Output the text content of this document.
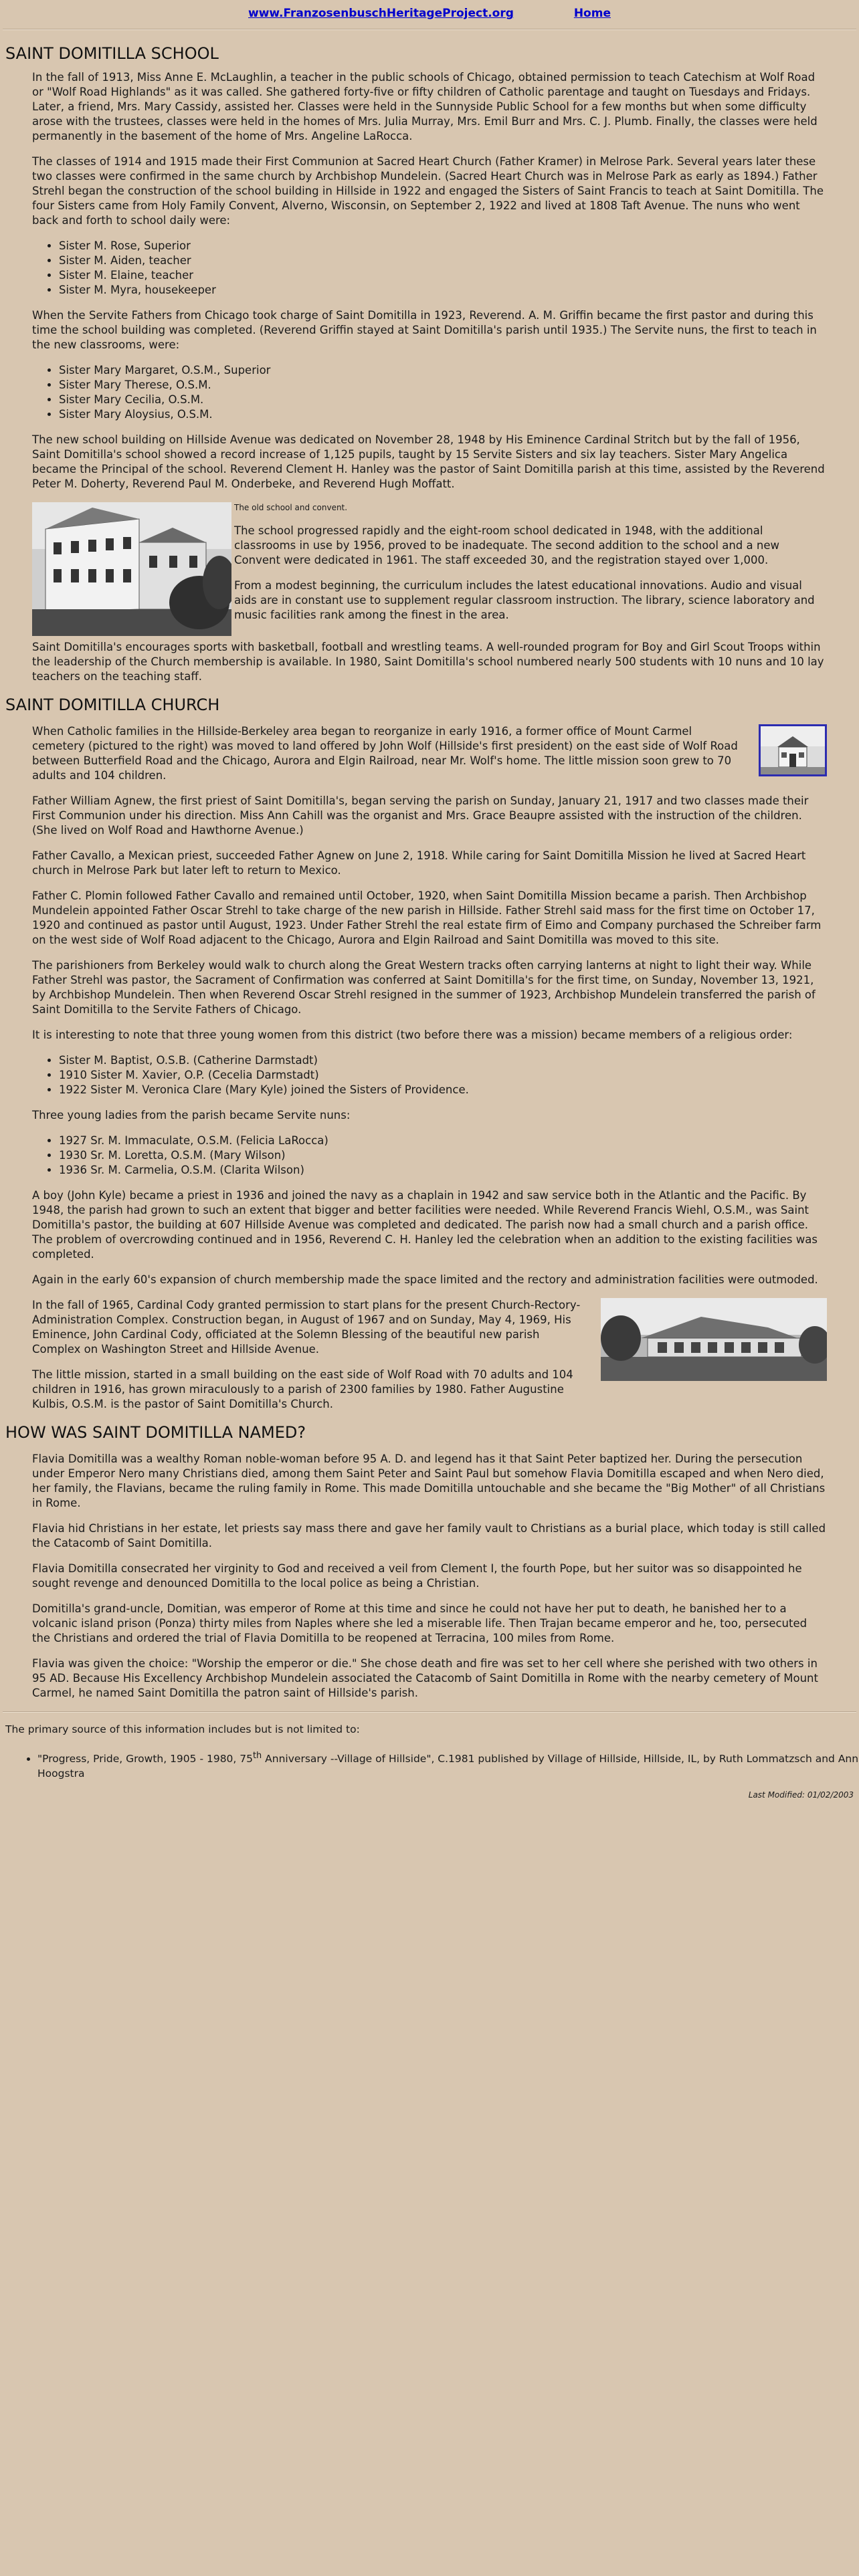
www.FranzosenbuschHeritageProject.org	Home
SAINT DOMITILLA SCHOOL

In the fall of 1913, Miss Anne E. McLaughlin, a teacher in the public schools of Chicago, obtained permission to teach Catechism at Wolf Road or "Wolf Road Highlands" as it was called. She gathered forty-five or fifty children of Catholic parentage and taught on Tuesdays and Fridays. Later, a friend, Mrs. Mary Cassidy, assisted her. Classes were held in the Sunnyside Public School for a few months but when some difficulty arose with the trustees, classes were held in the homes of Mrs. Julia Murray, Mrs. Emil Burr and Mrs. C. J. Plumb. Finally, the classes were held permanently in the basement of the home of Mrs. Angeline LaRocca.

The classes of 1914 and 1915 made their First Communion at Sacred Heart Church (Father Kramer) in Melrose Park. Several years later these two classes were confirmed in the same church by Archbishop Mundelein. (Sacred Heart Church was in Melrose Park as early as 1894.) Father Strehl began the construction of the school building in Hillside in 1922 and engaged the Sisters of Saint Francis to teach at Saint Domitilla. The four Sisters came from Holy Family Convent, Alverno, Wisconsin, on September 2, 1922 and lived at 1808 Taft Avenue. The nuns who went back and forth to school daily were:

• Sister M. Rose, Superior
• Sister M. Aiden, teacher
• Sister M. Elaine, teacher
• Sister M. Myra, housekeeper

When the Servite Fathers from Chicago took charge of Saint Domitilla in 1923, Reverend. A. M. Griffin became the first pastor and during this time the school building was completed. (Reverend Griffin stayed at Saint Domitilla's parish until 1935.) The Servite nuns, the first to teach in the new classrooms, were:

• Sister Mary Margaret, O.S.M., Superior
• Sister Mary Therese, O.S.M.
• Sister Mary Cecilia, O.S.M.
• Sister Mary Aloysius, O.S.M.

The new school building on Hillside Avenue was dedicated on November 28, 1948 by His Eminence Cardinal Stritch but by the fall of 1956, Saint Domitilla's school showed a record increase of 1,125 pupils, taught by 15 Servite Sisters and six lay teachers. Sister Mary Angelica became the Principal of the school. Reverend Clement H. Hanley was the pastor of Saint Domitilla parish at this time, assisted by the Reverend Peter M. Doherty, Reverend Paul M. Onderbeke, and Reverend Hugh Moffatt.

The old school and convent.

The school progressed rapidly and the eight-room school dedicated in 1948, with the additional classrooms in use by 1956, proved to be inadequate. The second addition to the school and a new Convent were dedicated in 1961. The staff exceeded 30, and the registration stayed over 1,000.

From a modest beginning, the curriculum includes the latest educational innovations. Audio and visual aids are in constant use to supplement regular classroom instruction. The library, science laboratory and music facilities rank among the finest in the area.

Saint Domitilla's encourages sports with basketball, football and wrestling teams. A well-rounded program for Boy and Girl Scout Troops within the leadership of the Church membership is available. In 1980, Saint Domitilla's school numbered nearly 500 students with 10 nuns and 10 lay teachers on the teaching staff.

SAINT DOMITILLA CHURCH

When Catholic families in the Hillside-Berkeley area began to reorganize in early 1916, a former office of Mount Carmel cemetery (pictured to the right) was moved to land offered by John Wolf (Hillside's first president) on the east side of Wolf Road between Butterfield Road and the Chicago, Aurora and Elgin Railroad, near Mr. Wolf's home. The little mission soon grew to 70 adults and 104 children.

Father William Agnew, the first priest of Saint Domitilla's, began serving the parish on Sunday, January 21, 1917 and two classes made their First Communion under his direction. Miss Ann Cahill was the organist and Mrs. Grace Beaupre assisted with the instruction of the children. (She lived on Wolf Road and Hawthorne Avenue.)

Father Cavallo, a Mexican priest, succeeded Father Agnew on June 2, 1918. While caring for Saint Domitilla Mission he lived at Sacred Heart church in Melrose Park but later left to return to Mexico.

Father C. Plomin followed Father Cavallo and remained until October, 1920, when Saint Domitilla Mission became a parish. Then Archbishop Mundelein appointed Father Oscar Strehl to take charge of the new parish in Hillside. Father Strehl said mass for the first time on October 17, 1920 and continued as pastor until August, 1923. Under Father Strehl the real estate firm of Eimo and Company purchased the Schreiber farm on the west side of Wolf Road adjacent to the Chicago, Aurora and Elgin Railroad and Saint Domitilla was moved to this site.

The parishioners from Berkeley would walk to church along the Great Western tracks often carrying lanterns at night to light their way. While Father Strehl was pastor, the Sacrament of Confirmation was conferred at Saint Domitilla's for the first time, on Sunday, November 13, 1921, by Archbishop Mundelein. Then when Reverend Oscar Strehl resigned in the summer of 1923, Archbishop Mundelein transferred the parish of Saint Domitilla to the Servite Fathers of Chicago.

It is interesting to note that three young women from this district (two before there was a mission) became members of a religious order:

• Sister M. Baptist, O.S.B. (Catherine Darmstadt)
• 1910 Sister M. Xavier, O.P. (Cecelia Darmstadt)
• 1922 Sister M. Veronica Clare (Mary Kyle) joined the Sisters of Providence.

Three young ladies from the parish became Servite nuns:

• 1927 Sr. M. Immaculate, O.S.M. (Felicia LaRocca)
• 1930 Sr. M. Loretta, O.S.M. (Mary Wilson)
• 1936 Sr. M. Carmelia, O.S.M. (Clarita Wilson)

A boy (John Kyle) became a priest in 1936 and joined the navy as a chaplain in 1942 and saw service both in the Atlantic and the Pacific. By 1948, the parish had grown to such an extent that bigger and better facilities were needed. While Reverend Francis Wiehl, O.S.M., was Saint Domitilla's pastor, the building at 607 Hillside Avenue was completed and dedicated. The parish now had a small church and a parish office. The problem of overcrowding continued and in 1956, Reverend C. H. Hanley led the celebration when an addition to the existing facilities was completed.

Again in the early 60's expansion of church membership made the space limited and the rectory and administration facilities were outmoded.

In the fall of 1965, Cardinal Cody granted permission to start plans for the present Church-Rectory-Administration Complex. Construction began, in August of 1967 and on Sunday, May 4, 1969, His Eminence, John Cardinal Cody, officiated at the Solemn Blessing of the beautiful new parish Complex on Washington Street and Hillside Avenue.

The little mission, started in a small building on the east side of Wolf Road with 70 adults and 104 children in 1916, has grown miraculously to a parish of 2300 families by 1980. Father Augustine Kulbis, O.S.M. is the pastor of Saint Domitilla's Church.

HOW WAS SAINT DOMITILLA NAMED?

Flavia Domitilla was a wealthy Roman noble-woman before 95 A. D. and legend has it that Saint Peter baptized her. During the persecution under Emperor Nero many Christians died, among them Saint Peter and Saint Paul but somehow Flavia Domitilla escaped and when Nero died, her family, the Flavians, became the ruling family in Rome. This made Domitilla untouchable and she became the "Big Mother" of all Christians in Rome.

Flavia hid Christians in her estate, let priests say mass there and gave her family vault to Christians as a burial place, which today is still called the Catacomb of Saint Domitilla.

Flavia Domitilla consecrated her virginity to God and received a veil from Clement I, the fourth Pope, but her suitor was so disappointed he sought revenge and denounced Domitilla to the local police as being a Christian.

Domitilla's grand-uncle, Domitian, was emperor of Rome at this time and since he could not have her put to death, he banished her to a volcanic island prison (Ponza) thirty miles from Naples where she led a miserable life. Then Trajan became emperor and he, too, persecuted the Christians and ordered the trial of Flavia Domitilla to be reopened at Terracina, 100 miles from Rome.

Flavia was given the choice: "Worship the emperor or die." She chose death and fire was set to her cell where she perished with two others in 95 AD. Because His Excellency Archbishop Mundelein associated the Catacomb of Saint Domitilla in Rome with the nearby cemetery of Mount Carmel, he named Saint Domitilla the patron saint of Hillside's parish.

The primary source of this information includes but is not limited to:
• "Progress, Pride, Growth, 1905 - 1980, 75th Anniversary --Village of Hillside", C.1981 published by Village of Hillside, Hillside, IL, by Ruth Lommatzsch and Ann Hoogstra
Last Modified: 01/02/2003
